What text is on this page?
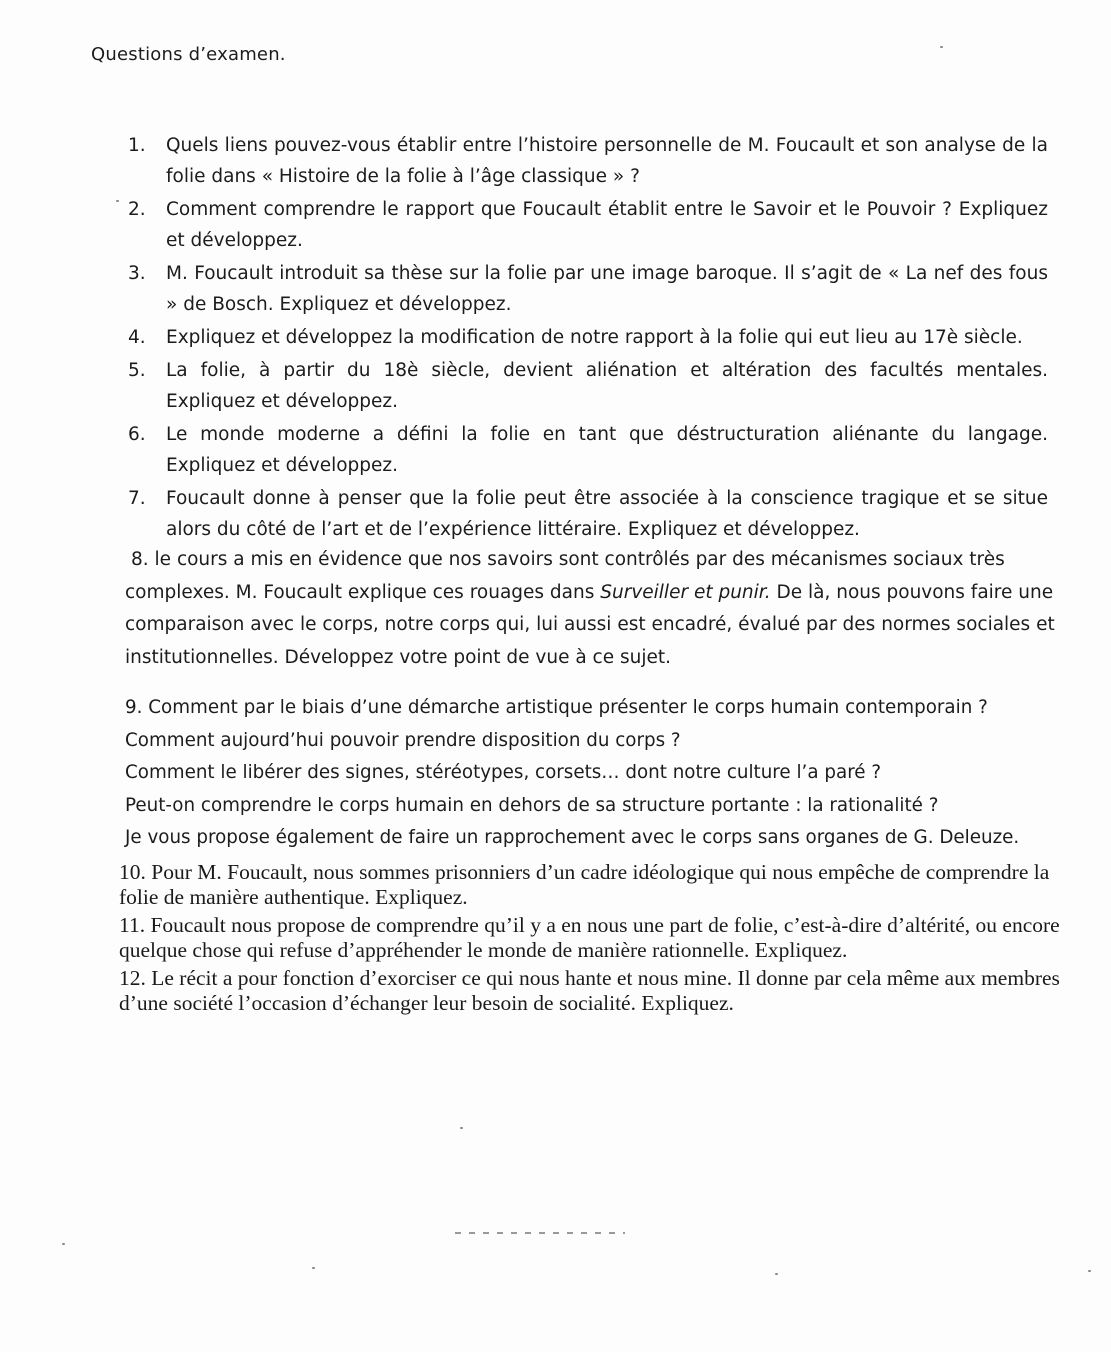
Questions d’examen.
1. Quels liens pouvez-vous établir entre l’histoire personnelle de M. Foucault et son analyse de la folie dans « Histoire de la folie à l’âge classique » ?
2. Comment comprendre le rapport que Foucault établit entre le Savoir et le Pouvoir ? Expliquez et développez.
3. M. Foucault introduit sa thèse sur la folie par une image baroque. Il s’agit de « La nef des fous » de Bosch. Expliquez et développez.
4. Expliquez et développez la modification de notre rapport à la folie qui eut lieu au 17è siècle.
5. La folie, à partir du 18è siècle, devient aliénation et altération des facultés mentales. Expliquez et développez.
6. Le monde moderne a défini la folie en tant que déstructuration aliénante du langage. Expliquez et développez.
7. Foucault donne à penser que la folie peut être associée à la conscience tragique et se situe alors du côté de l’art et de l’expérience littéraire. Expliquez et développez.
8. le cours a mis en évidence que nos savoirs sont contrôlés par des mécanismes sociaux très complexes. M. Foucault explique ces rouages dans Surveiller et punir. De là, nous pouvons faire une comparaison avec le corps, notre corps qui, lui aussi est encadré, évalué par des normes sociales et institutionnelles. Développez votre point de vue à ce sujet.
9. Comment par le biais d’une démarche artistique présenter le corps humain contemporain ?
Comment aujourd’hui pouvoir prendre disposition du corps ?
Comment le libérer des signes, stéréotypes, corsets… dont notre culture l’a paré ?
Peut-on comprendre le corps humain en dehors de sa structure portante : la rationalité ?
Je vous propose également de faire un rapprochement avec le corps sans organes de G. Deleuze.

10. Pour M. Foucault, nous sommes prisonniers d’un cadre idéologique qui nous empêche de comprendre la folie de manière authentique. Expliquez.

11. Foucault nous propose de comprendre qu’il y a en nous une part de folie, c’est-à-dire d’altérité, ou encore quelque chose qui refuse d’appréhender le monde de manière rationnelle. Expliquez.

12. Le récit a pour fonction d’exorciser ce qui nous hante et nous mine. Il donne par cela même aux membres d’une société l’occasion d’échanger leur besoin de socialité. Expliquez.
